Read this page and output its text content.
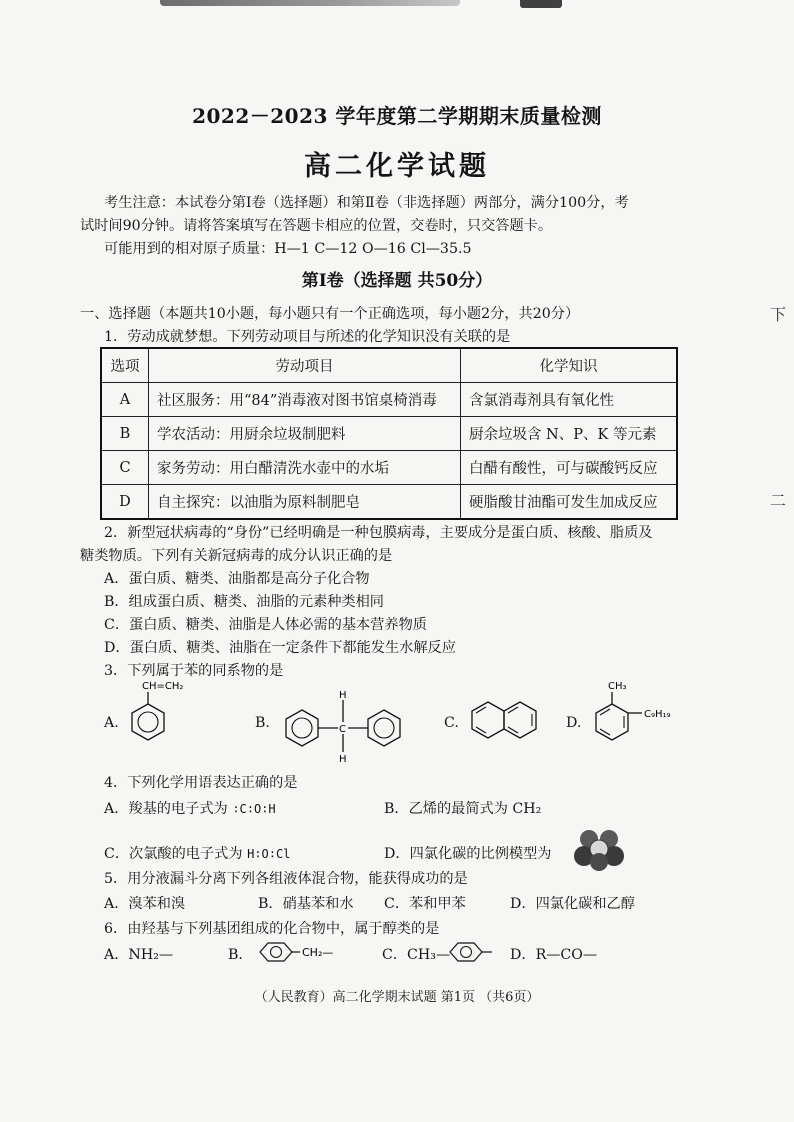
2022－2023 学年度第二学期期末质量检测
高二化学试题
考生注意：本试卷分第Ⅰ卷（选择题）和第Ⅱ卷（非选择题）两部分，满分100分，考
试时间90分钟。请将答案填写在答题卡相应的位置，交卷时，只交答题卡。
可能用到的相对原子质量：H—1 C—12 O—16 Cl—35.5
第Ⅰ卷（选择题 共50分）
一、选择题（本题共10小题，每小题只有一个正确选项，每小题2分，共20分）
1．劳动成就梦想。下列劳动项目与所述的化学知识没有关联的是
选项	劳动项目	化学知识
A	社区服务：用“84”消毒液对图书馆桌椅消毒	含氯消毒剂具有氧化性
B	学农活动：用厨余垃圾制肥料	厨余垃圾含 N、P、K 等元素
C	家务劳动：用白醋清洗水壶中的水垢	白醋有酸性，可与碳酸钙反应
D	自主探究：以油脂为原料制肥皂	硬脂酸甘油酯可发生加成反应
2．新型冠状病毒的“身份”已经明确是一种包膜病毒，主要成分是蛋白质、核酸、脂质及
糖类物质。下列有关新冠病毒的成分认识正确的是
A．蛋白质、糖类、油脂都是高分子化合物
B．组成蛋白质、糖类、油脂的元素种类相同
C．蛋白质、糖类、油脂是人体必需的基本营养物质
D．蛋白质、糖类、油脂在一定条件下都能发生水解反应
3．下列属于苯的同系物的是
A.
CH=CH₂
B.
H
C
H
C.	D.
CH₃
C₉H₁₉
4．下列化学用语表达正确的是
A．羧基的电子式为 ∶C∶O∶H	B．乙烯的最简式为 CH₂
C．次氯酸的电子式为 H∶O∶Cl	D．四氯化碳的比例模型为
5．用分液漏斗分离下列各组液体混合物，能获得成功的是
A．溴苯和溴	B．硝基苯和水 C．苯和甲苯	D．四氯化碳和乙醇
6．由羟基与下列基团组成的化合物中，属于醇类的是
A．NH₂—	B．	CH₂—	C．CH₃—	D．R—CO—
（人民教育）高二化学期末试题 第1页 （共6页）
下
二
